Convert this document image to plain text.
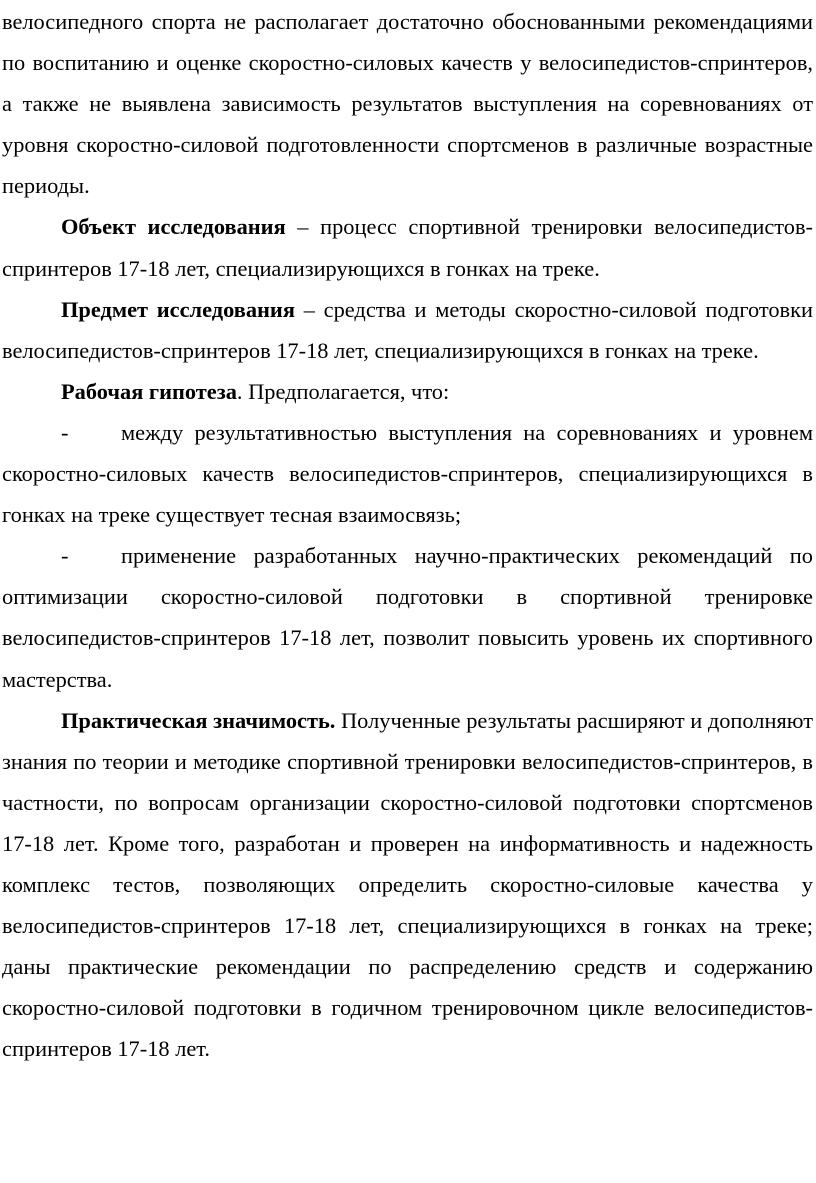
велосипедного спорта не располагает достаточно обоснованными рекомендациями по воспитанию и оценке скоростно-силовых качеств у велосипедистов-спринтеров, а также не выявлена зависимость результатов выступления на соревнованиях от уровня скоростно-силовой подготовленности спортсменов в различные возрастные периоды.

Объект исследования – процесс спортивной тренировки велосипедистов-спринтеров 17-18 лет, специализирующихся в гонках на треке.

Предмет исследования – средства и методы скоростно-силовой подготовки велосипедистов-спринтеров 17-18 лет, специализирующихся в гонках на треке.

Рабочая гипотеза. Предполагается, что:

- между результативностью выступления на соревнованиях и уровнем скоростно-силовых качеств велосипедистов-спринтеров, специализирующихся в гонках на треке существует тесная взаимосвязь;

- применение разработанных научно-практических рекомендаций по оптимизации скоростно-силовой подготовки в спортивной тренировке велосипедистов-спринтеров 17-18 лет, позволит повысить уровень их спортивного мастерства.

Практическая значимость. Полученные результаты расширяют и дополняют знания по теории и методике спортивной тренировки велосипедистов-спринтеров, в частности, по вопросам организации скоростно-силовой подготовки спортсменов 17-18 лет. Кроме того, разработан и проверен на информативность и надежность комплекс тестов, позволяющих определить скоростно-силовые качества у велосипедистов-спринтеров 17-18 лет, специализирующихся в гонках на треке; даны практические рекомендации по распределению средств и содержанию скоростно-силовой подготовки в годичном тренировочном цикле велосипедистов-спринтеров 17-18 лет.
